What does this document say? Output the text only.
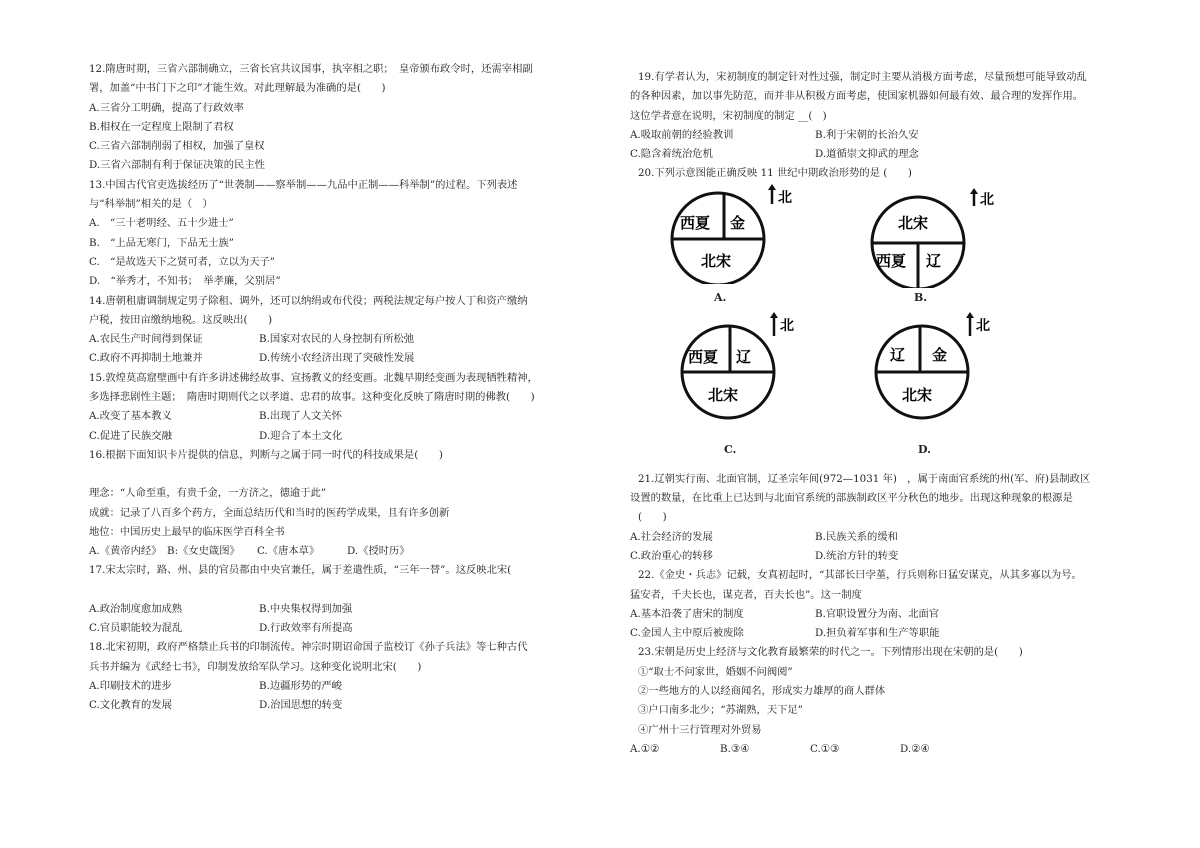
12.隋唐时期，三省六部制确立，三省长官共议国事，执宰相之职；　皇帝颁布政令时，还需宰相副
署，加盖“中书门下之印”才能生效。对此理解最为准确的是(　　)
A.三省分工明确，提高了行政效率
B.相权在一定程度上限制了君权
C.三省六部制削弱了相权，加强了皇权
D.三省六部制有利于保证决策的民主性
13.中国古代官吏选拔经历了“世袭制——察举制——九品中正制——科举制”的过程。下列表述
与“科举制”相关的是（　）
A.　“三十老明经、五十少进士”
B.　“上品无寒门，下品无士族”
C.　“是故选天下之贤可者，立以为天子”
D.　“举秀才，不知书；　举孝廉，父别居”
14.唐朝租庸调制规定男子除租、调外，还可以纳绢或布代役；两税法规定每户按人丁和资产缴纳
户税，按田亩缴纳地税。这反映出(　　)
A.农民生产时间得到保证	B.国家对农民的人身控制有所松弛
C.政府不再抑制土地兼并	D.传统小农经济出现了突破性发展
15.敦煌莫高窟壁画中有许多讲述佛经故事、宣扬教义的经变画。北魏早期经变画为表现牺牲精神，
多选择悲剧性主题；　隋唐时期则代之以孝道、忠君的故事。这种变化反映了隋唐时期的佛教(　　)
A.改变了基本教义	B.出现了人文关怀
C.促进了民族交融	D.迎合了本土文化
16.根据下面知识卡片提供的信息，判断与之属于同一时代的科技成果是(　　)
理念：“人命至重，有贵千金，一方济之，德逾于此”
成就：记录了八百多个药方，全面总结历代和当时的医药学成果，且有许多创新
地位：中国历史上最早的临床医学百科全书
A.《黄帝内经》 B:《女史箴图》	C.《唐本草》	D.《授时历》
17.宋太宗时，路、州、县的官员都由中央官兼任，属于差遣性质，“三年一替”。这反映北宋(
A.政治制度愈加成熟	B.中央集权得到加强
C.官员职能较为混乱	D.行政效率有所提高
18.北宋初期，政府严格禁止兵书的印制流传。神宗时期诏命国子监校订《孙子兵法》等七种古代
兵书并编为《武经七书》，印制发放给军队学习。这种变化说明北宋(　　)
A.印刷技术的进步	B.边疆形势的严峻
C.文化教育的发展	D.治国思想的转变
19.有学者认为，宋初制度的制定针对性过强，制定时主要从消极方面考虑，尽量预想可能导致动乱
的各种因素，加以事先防范，而并非从积极方面考虑，使国家机器如何最有效、最合理的发挥作用。
这位学者意在说明，宋初制度的制定 __(　)
A.吸取前朝的经验教训	B.利于宋朝的长治久安
C.隐含着统治危机	D.道循崇文抑武的理念
20.下列示意图能正确反映 11 世纪中期政治形势的是 (　　)
西夏 金
北宋
北
A.
北宋
西夏 辽
北
B.
西夏 辽
北宋
北
C.
辽 金
北宋
北
D.
21.辽朝实行南、北面官制，辽圣宗年间(972—1031 年)　，属于南面官系统的州(军、府)县制政区
设置的数量，在比重上已达到与北面官系统的部族制政区平分秋色的地步。出现这种现象的根源是
(　　)
A.社会经济的发展	B.民族关系的缓和
C.政治重心的转移	D.统治方针的转变
22.《金史・兵志》记载，女真初起时，“其部长曰孛堇，行兵则称日猛安谋克，从其多寡以为号。
猛安者，千夫长也，谋克者，百夫长也”。这一制度
A.基本沿袭了唐宋的制度	B.官职设置分为南、北面官
C.金国人主中原后被废除	D.担负着军事和生产等职能
23.宋朝是历史上经济与文化教育最繁荣的时代之一。下列情形出现在宋朝的是(　　)
①“取士不问家世，婚姻不问阀阅”
②一些地方的人以经商闻名，形成实力雄厚的商人群体
③户口南多北少；“苏湖熟，天下足”
④广州十三行管理对外贸易
A.①②	B.③④	C.①③	D.②④
